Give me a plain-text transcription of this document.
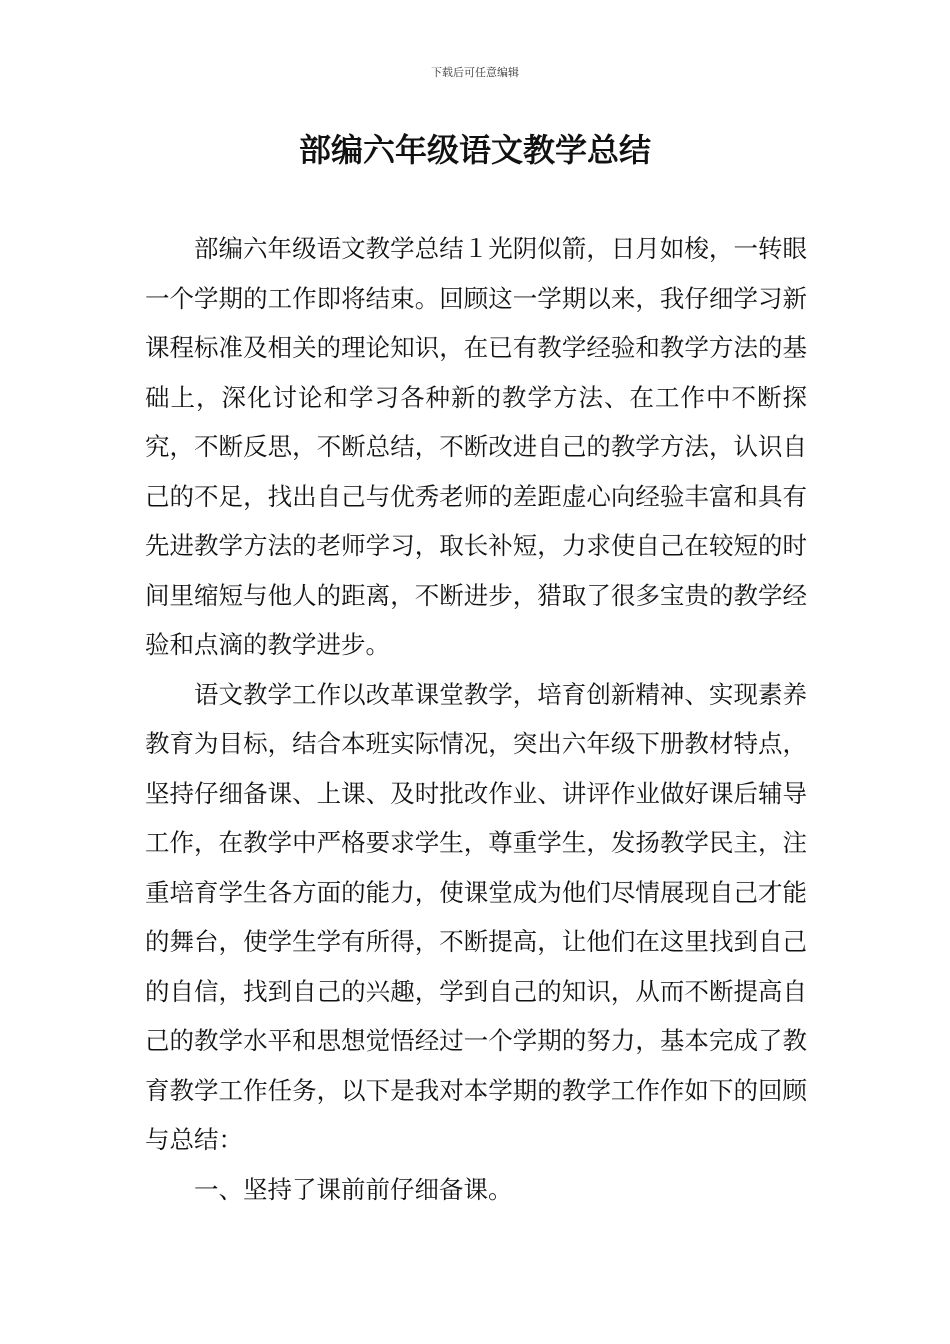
下载后可任意编辑
部编六年级语文教学总结

部编六年级语文教学总结１光阴似箭，日月如梭，一转眼一个学期的工作即将结束。回顾这一学期以来，我仔细学习新课程标准及相关的理论知识，在已有教学经验和教学方法的基础上，深化讨论和学习各种新的教学方法、在工作中不断探究，不断反思，不断总结，不断改进自己的教学方法，认识自己的不足，找出自己与优秀老师的差距虚心向经验丰富和具有先进教学方法的老师学习，取长补短，力求使自己在较短的时间里缩短与他人的距离，不断进步，猎取了很多宝贵的教学经验和点滴的教学进步。

语文教学工作以改革课堂教学，培育创新精神、实现素养教育为目标，结合本班实际情况，突出六年级下册教材特点，坚持仔细备课、上课、及时批改作业、讲评作业做好课后辅导工作，在教学中严格要求学生，尊重学生，发扬教学民主，注重培育学生各方面的能力，使课堂成为他们尽情展现自己才能的舞台，使学生学有所得，不断提高，让他们在这里找到自己的自信，找到自己的兴趣，学到自己的知识，从而不断提高自己的教学水平和思想觉悟经过一个学期的努力，基本完成了教育教学工作任务，以下是我对本学期的教学工作作如下的回顾与总结：

一、坚持了课前前仔细备课。
